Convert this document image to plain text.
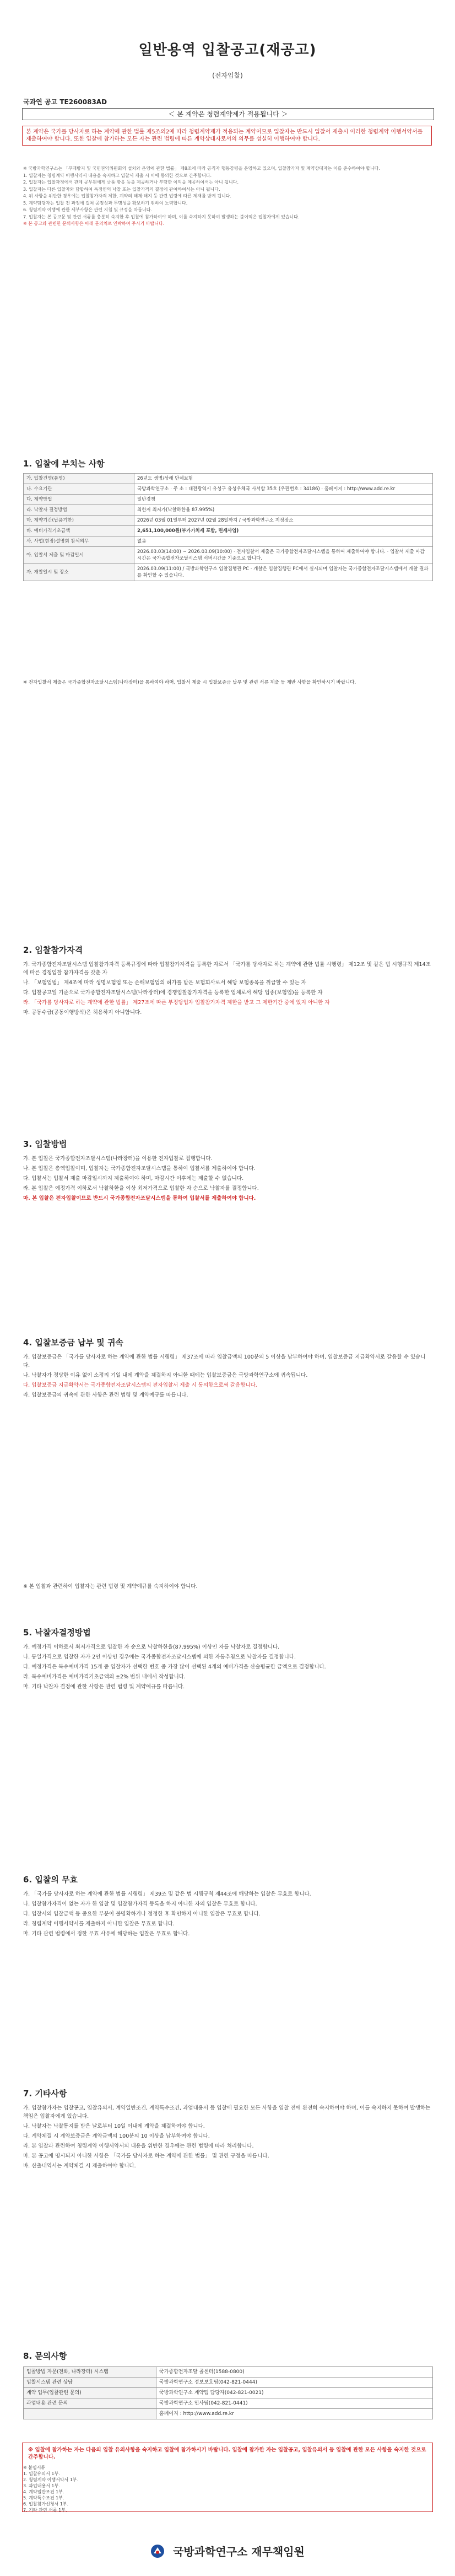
일반용역 입찰공고(재공고)
(전자입찰)
국과연 공고 TE260083AD
＜ 본 계약은 청렴계약제가 적용됩니다 ＞
본 계약은 국가를 당사자로 하는 계약에 관한 법률 제5조의2에 따라 청렴계약제가 적용되는 계약이므로 입찰자는 반드시 입찰서 제출시 이러한 청렴계약 이행서약서를 제출하여야 합니다. 또한 입찰에 참가하는 모든 자는 관련 법령에 따른 계약상대자로서의 의무를 성실히 이행하여야 합니다.

※ 국방과학연구소는 「부패방지 및 국민권익위원회의 설치와 운영에 관한 법률」 제8조에 따라 공직자 행동강령을 운영하고 있으며, 입찰참가자 및 계약상대자는 이를 준수하여야 합니다.

1. 입찰자는 청렴계약 이행서약서 내용을 숙지하고 입찰서 제출 시 이에 동의한 것으로 간주합니다.

2. 입찰자는 입찰과정에서 관계 공무원에게 금품·향응 등을 제공하거나 부당한 이익을 제공하여서는 아니 됩니다.

3. 입찰자는 다른 입찰자와 담합하여 특정인의 낙찰 또는 입찰가격의 결정에 관여하여서는 아니 됩니다.

4. 위 사항을 위반한 경우에는 입찰참가자격 제한, 계약의 해제·해지 등 관련 법령에 따른 제재를 받게 됩니다.

5. 계약담당자는 입찰 전 과정에 걸쳐 공정성과 투명성을 확보하기 위하여 노력합니다.

6. 청렴계약 이행에 관한 세부사항은 관련 지침 및 규정을 따릅니다.

7. 입찰자는 본 공고문 및 관련 서류를 충분히 숙지한 후 입찰에 참가하여야 하며, 이를 숙지하지 못하여 발생하는 불이익은 입찰자에게 있습니다.

※ 본 공고와 관련한 문의사항은 아래 문의처로 연락하여 주시기 바랍니다.

1. 입찰에 부치는 사항
가. 입찰건명(품명)	26년도 생명/상해 단체보험
나. 수요기관	국방과학연구소 · 주 소 : 대전광역시 유성구 유성우체국 사서함 35호 (우편번호 : 34186) · 홈페이지 : http://www.add.re.kr
다. 계약방법	일반경쟁
라. 낙찰자 결정방법	최한저 최저가(낙찰하한율 87.995%)
마. 계약기간(납품기한)	2026년 03월 01일부터 2027년 02월 28일까지 / 국방과학연구소 지정장소
바. 예비가격기초금액	2,651,100,000원(부가가치세 포함, 면세사업)
사. 사업(현장)설명회 참석의무	없음
아. 입찰서 제출 및 마감일시	2026.03.03(14:00) ~ 2026.03.09(10:00) · 전자입찰서 제출은 국가종합전자조달시스템을 통하여 제출하여야 합니다. · 입찰서 제출 마감 시간은 국가종합전자조달시스템 서버시간을 기준으로 합니다.
자. 개찰일시 및 장소	2026.03.09(11:00) / 국방과학연구소 입찰집행관 PC · 개찰은 입찰집행관 PC에서 실시되며 입찰자는 국가종합전자조달시스템에서 개찰 결과를 확인할 수 있습니다.
※ 전자입찰서 제출은 국가종합전자조달시스템(나라장터)을 통하여야 하며, 입찰서 제출 시 입찰보증금 납부 및 관련 서류 제출 등 제반 사항을 확인하시기 바랍니다.
2. 입찰참가자격

가. 국가종합전자조달시스템 입찰참가자격 등록규정에 따라 입찰참가자격을 등록한 자로서 「국가를 당사자로 하는 계약에 관한 법률 시행령」 제12조 및 같은 법 시행규칙 제14조에 따른 경쟁입찰 참가자격을 갖춘 자

나. 「보험업법」 제4조에 따라 생명보험업 또는 손해보험업의 허가를 받은 보험회사로서 해당 보험종목을 취급할 수 있는 자

다. 입찰공고일 기준으로 국가종합전자조달시스템(나라장터)에 경쟁입찰참가자격을 등록한 업체로서 해당 업종(보험업)을 등록한 자

라. 「국가를 당사자로 하는 계약에 관한 법률」 제27조에 따른 부정당업자 입찰참가자격 제한을 받고 그 제한기간 중에 있지 아니한 자

마. 공동수급(공동이행방식)은 허용하지 아니합니다.

3. 입찰방법

가. 본 입찰은 국가종합전자조달시스템(나라장터)을 이용한 전자입찰로 집행합니다.

나. 본 입찰은 총액입찰이며, 입찰자는 국가종합전자조달시스템을 통하여 입찰서를 제출하여야 합니다.

다. 입찰서는 입찰서 제출 마감일시까지 제출하여야 하며, 마감시간 이후에는 제출할 수 없습니다.

라. 본 입찰은 예정가격 이하로서 낙찰하한율 이상 최저가격으로 입찰한 자 순으로 낙찰자를 결정합니다.

마. 본 입찰은 전자입찰이므로 반드시 국가종합전자조달시스템을 통하여 입찰서를 제출하여야 합니다.

4. 입찰보증금 납부 및 귀속

가. 입찰보증금은 「국가를 당사자로 하는 계약에 관한 법률 시행령」 제37조에 따라 입찰금액의 100분의 5 이상을 납부하여야 하며, 입찰보증금 지급확약서로 갈음할 수 있습니다.

나. 낙찰자가 정당한 이유 없이 소정의 기일 내에 계약을 체결하지 아니한 때에는 입찰보증금은 국방과학연구소에 귀속됩니다.

다. 입찰보증금 지급확약서는 국가종합전자조달시스템의 전자입찰서 제출 시 동의함으로써 갈음합니다.

라. 입찰보증금의 귀속에 관한 사항은 관련 법령 및 계약예규를 따릅니다.

※ 본 입찰과 관련하여 입찰자는 관련 법령 및 계약예규를 숙지하여야 합니다.
5. 낙찰자결정방법

가. 예정가격 이하로서 최저가격으로 입찰한 자 순으로 낙찰하한율(87.995%) 이상인 자를 낙찰자로 결정합니다.

나. 동일가격으로 입찰한 자가 2인 이상인 경우에는 국가종합전자조달시스템에 의한 자동추첨으로 낙찰자를 결정합니다.

다. 예정가격은 복수예비가격 15개 중 입찰자가 선택한 번호 중 가장 많이 선택된 4개의 예비가격을 산술평균한 금액으로 결정합니다.

라. 복수예비가격은 예비가격기초금액의 ±2% 범위 내에서 작성합니다.

마. 기타 낙찰자 결정에 관한 사항은 관련 법령 및 계약예규를 따릅니다.

6. 입찰의 무효

가. 「국가를 당사자로 하는 계약에 관한 법률 시행령」 제39조 및 같은 법 시행규칙 제44조에 해당하는 입찰은 무효로 합니다.

나. 입찰참가자격이 없는 자가 한 입찰 및 입찰참가자격 등록을 하지 아니한 자의 입찰은 무효로 합니다.

다. 입찰서의 입찰금액 등 중요한 부분이 불명확하거나 정정한 후 확인하지 아니한 입찰은 무효로 합니다.

라. 청렴계약 이행서약서를 제출하지 아니한 입찰은 무효로 합니다.

마. 기타 관련 법령에서 정한 무효 사유에 해당하는 입찰은 무효로 합니다.

7. 기타사항

가. 입찰참가자는 입찰공고, 입찰유의서, 계약일반조건, 계약특수조건, 과업내용서 등 입찰에 필요한 모든 사항을 입찰 전에 완전히 숙지하여야 하며, 이를 숙지하지 못하여 발생하는 책임은 입찰자에게 있습니다.

나. 낙찰자는 낙찰통지를 받은 날로부터 10일 이내에 계약을 체결하여야 합니다.

다. 계약체결 시 계약보증금은 계약금액의 100분의 10 이상을 납부하여야 합니다.

라. 본 입찰과 관련하여 청렴계약 이행서약서의 내용을 위반한 경우에는 관련 법령에 따라 처리합니다.

마. 본 공고에 명시되지 아니한 사항은 「국가를 당사자로 하는 계약에 관한 법률」 및 관련 규정을 따릅니다.

바. 산출내역서는 계약체결 시 제출하여야 합니다.

8. 문의사항
입찰방법 자문(전화, 나라장터) 시스템	국가종합전자조달 콜센터(1588-0800)
입찰시스템 관련 상담	국방과학연구소 정보보호팀(042-821-0444)
계약 업무(입찰관련 문의)	국방과학연구소 계약팀 담당자(042-821-0021)
과업내용 관련 문의	국방과학연구소 인사팀(042-821-0441)
	홈페이지 : http://www.add.re.kr
※ 입찰에 참가하는 자는 다음의 입찰 유의사항을 숙지하고 입찰에 참가하시기 바랍니다. 입찰에 참가한 자는 입찰공고, 입찰유의서 등 입찰에 관한 모든 사항을 숙지한 것으로 간주합니다.
※ 붙임서류
1. 입찰유의서 1부.
2. 청렴계약 이행서약서 1부.
3. 과업내용서 1부.
4. 계약일반조건 1부.
5. 계약특수조건 1부.
6. 입찰참가신청서 1부.
7. 기타 관련 서류 1부.
국방과학연구소 재무책임원
